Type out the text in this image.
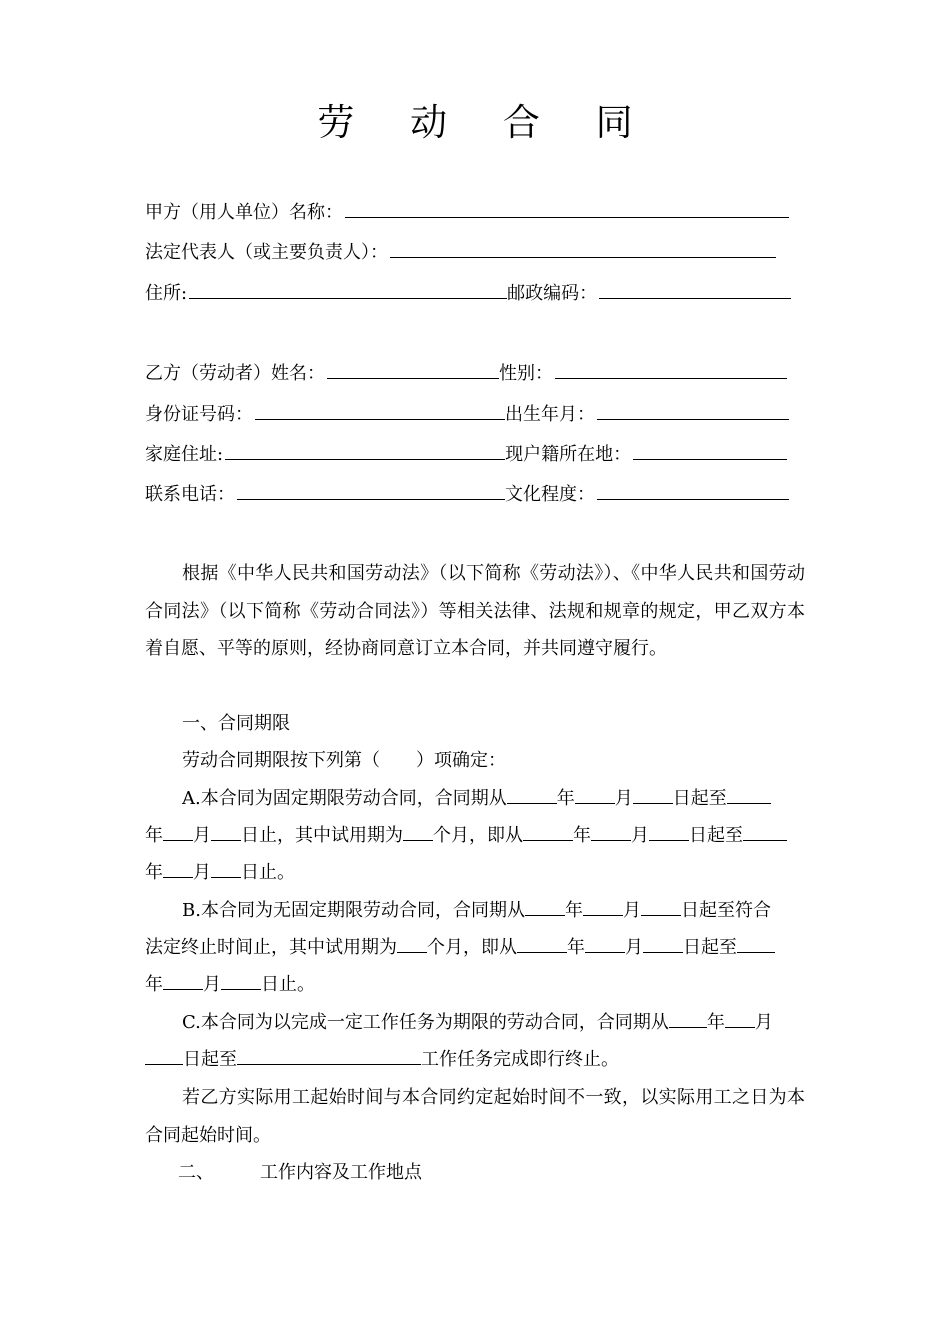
劳 动 合 同
甲方（用人单位）名称：
法定代表人（或主要负责人）：
住所:	邮政编码：
乙方（劳动者）姓名：	性别：
身份证号码：	出生年月：
家庭住址:	现户籍所在地：
联系电话：	文化程度：
根据《中华人民共和国劳动法》（以下简称《劳动法》）、《中华人民共和国劳动合同法》（以下简称《劳动合同法》）等相关法律、法规和规章的规定，甲乙双方本着自愿、平等的原则，经协商同意订立本合同，并共同遵守履行。
一、合同期限
劳动合同期限按下列第（　　）项确定：
A.本合同为固定期限劳动合同，合同期从	年 月 日起至
年 月 日止，其中试用期为 个月，即从	年 月 日起至
年 月 日止。
B.本合同为无固定期限劳动合同，合同期从 年 月 日起至符合
法定终止时间止，其中试用期为 个月，即从	年 月 日起至
年 月 日止。
C.本合同为以完成一定工作任务为期限的劳动合同，合同期从 年 月
日起至	工作任务完成即行终止。
若乙方实际用工起始时间与本合同约定起始时间不一致，以实际用工之日为本合同起始时间。
二、	工作内容及工作地点
